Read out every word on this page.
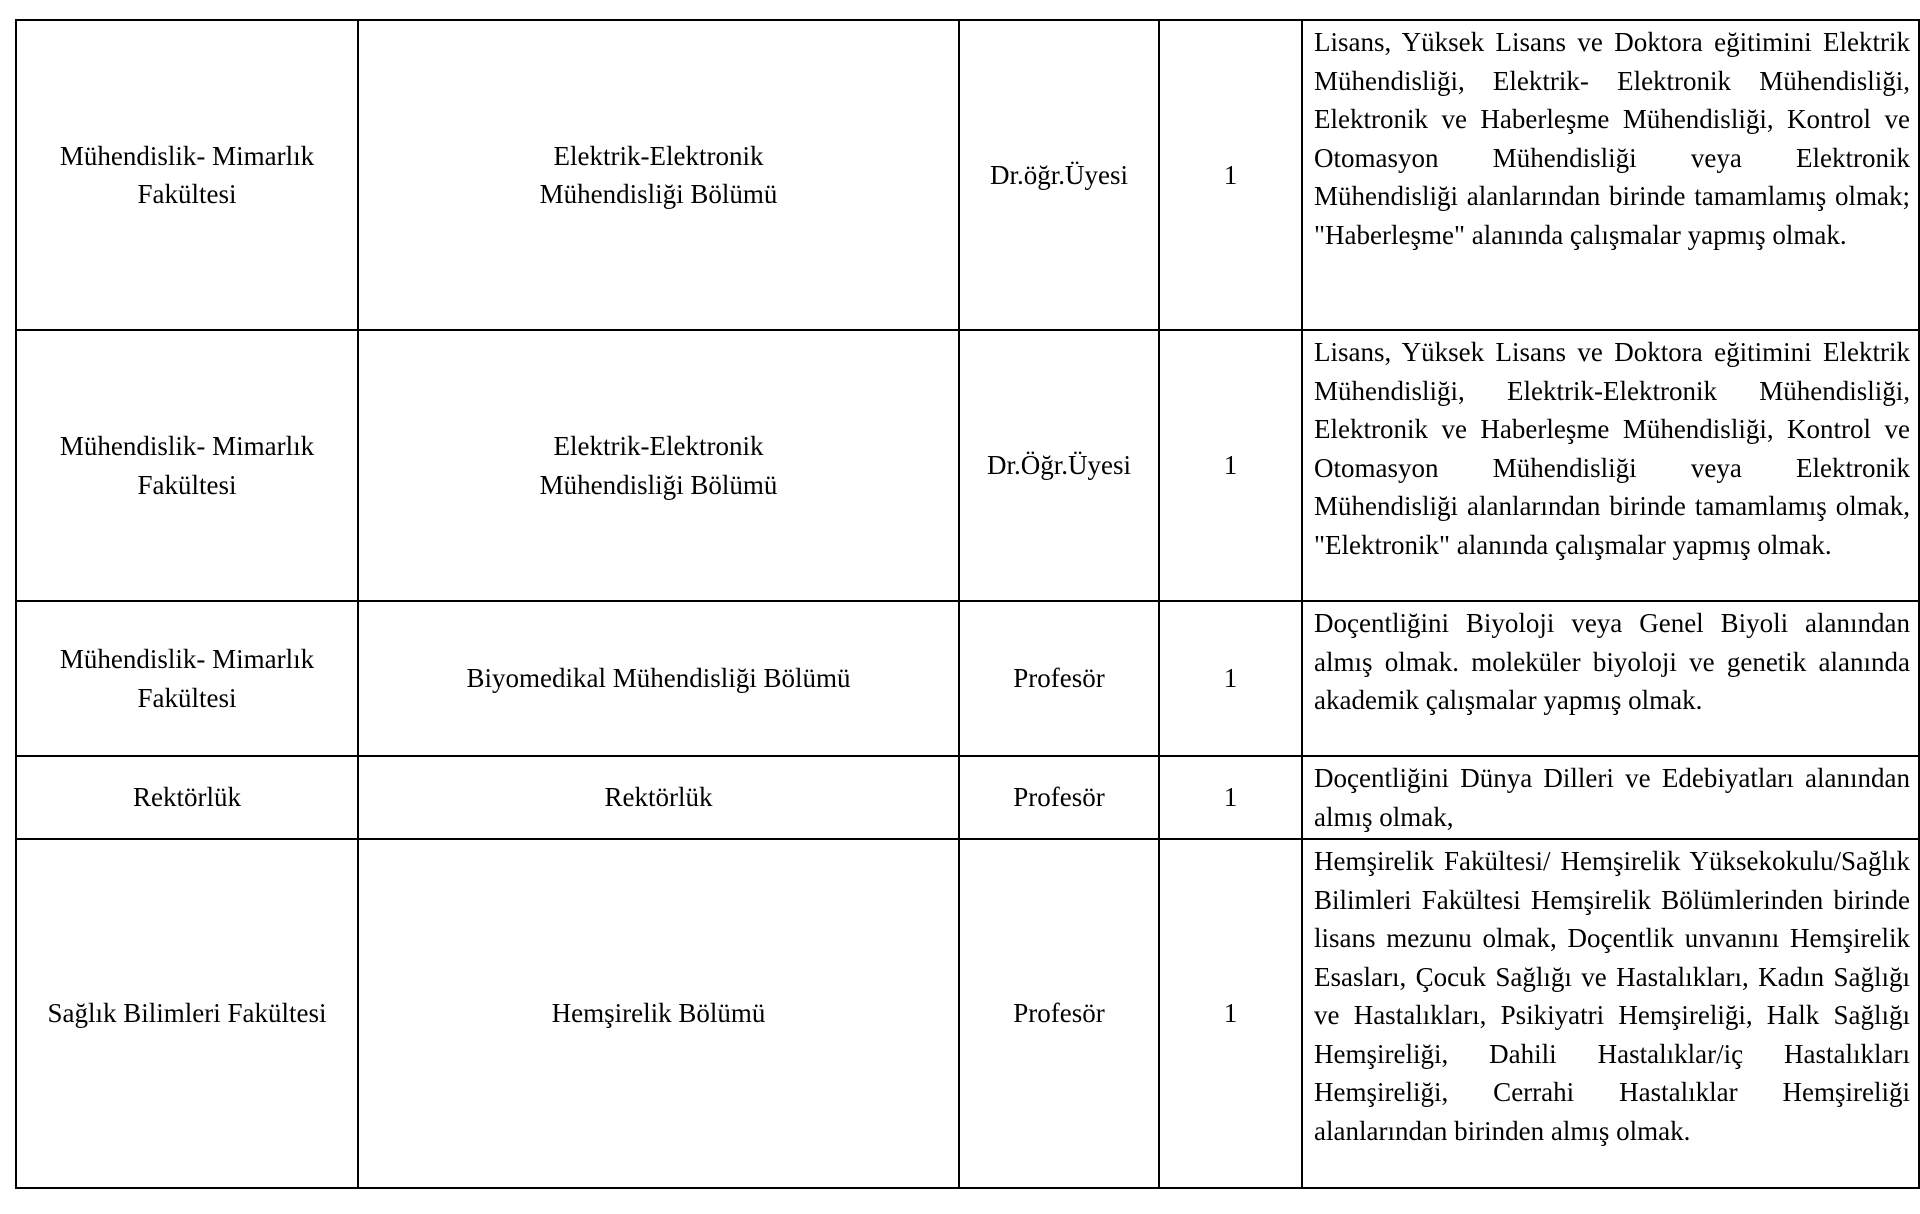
Mühendislik- Mimarlık Fakültesi	Elektrik-Elektronik Mühendisliği Bölümü	Dr.öğr.Üyesi	1	Lisans, Yüksek Lisans ve Doktora eğitimini Elektrik Mühendisliği, Elektrik- Elektronik Mühendisliği, Elektronik ve Haberleşme Mühendisliği, Kontrol ve Otomasyon Mühendisliği veya Elektronik Mühendisliği alanlarından birinde tamamlamış olmak; "Haberleşme" alanında çalışmalar yapmış olmak.

Mühendislik- Mimarlık Fakültesi	Elektrik-Elektronik Mühendisliği Bölümü	Dr.Öğr.Üyesi	1	Lisans, Yüksek Lisans ve Doktora eğitimini Elektrik Mühendisliği, Elektrik-Elektronik Mühendisliği, Elektronik ve Haberleşme Mühendisliği, Kontrol ve Otomasyon Mühendisliği veya Elektronik Mühendisliği alanlarından birinde tamamlamış olmak, "Elektronik" alanında çalışmalar yapmış olmak.

Mühendislik- Mimarlık Fakültesi	Biyomedikal Mühendisliği Bölümü	Profesör	1	Doçentliğini Biyoloji veya Genel Biyoli alanından almış olmak. moleküler biyoloji ve genetik alanında akademik çalışmalar yapmış olmak.

Rektörlük	Rektörlük	Profesör	1	Doçentliğini Dünya Dilleri ve Edebiyatları alanından almış olmak,

Sağlık Bilimleri Fakültesi	Hemşirelik Bölümü	Profesör	1	Hemşirelik Fakültesi/ Hemşirelik Yüksekokulu/Sağlık Bilimleri Fakültesi Hemşirelik Bölümlerinden birinde lisans mezunu olmak, Doçentlik unvanını Hemşirelik Esasları, Çocuk Sağlığı ve Hastalıkları, Kadın Sağlığı ve Hastalıkları, Psikiyatri Hemşireliği, Halk Sağlığı Hemşireliği, Dahili Hastalıklar/iç Hastalıkları Hemşireliği, Cerrahi Hastalıklar Hemşireliği alanlarından birinden almış olmak.
